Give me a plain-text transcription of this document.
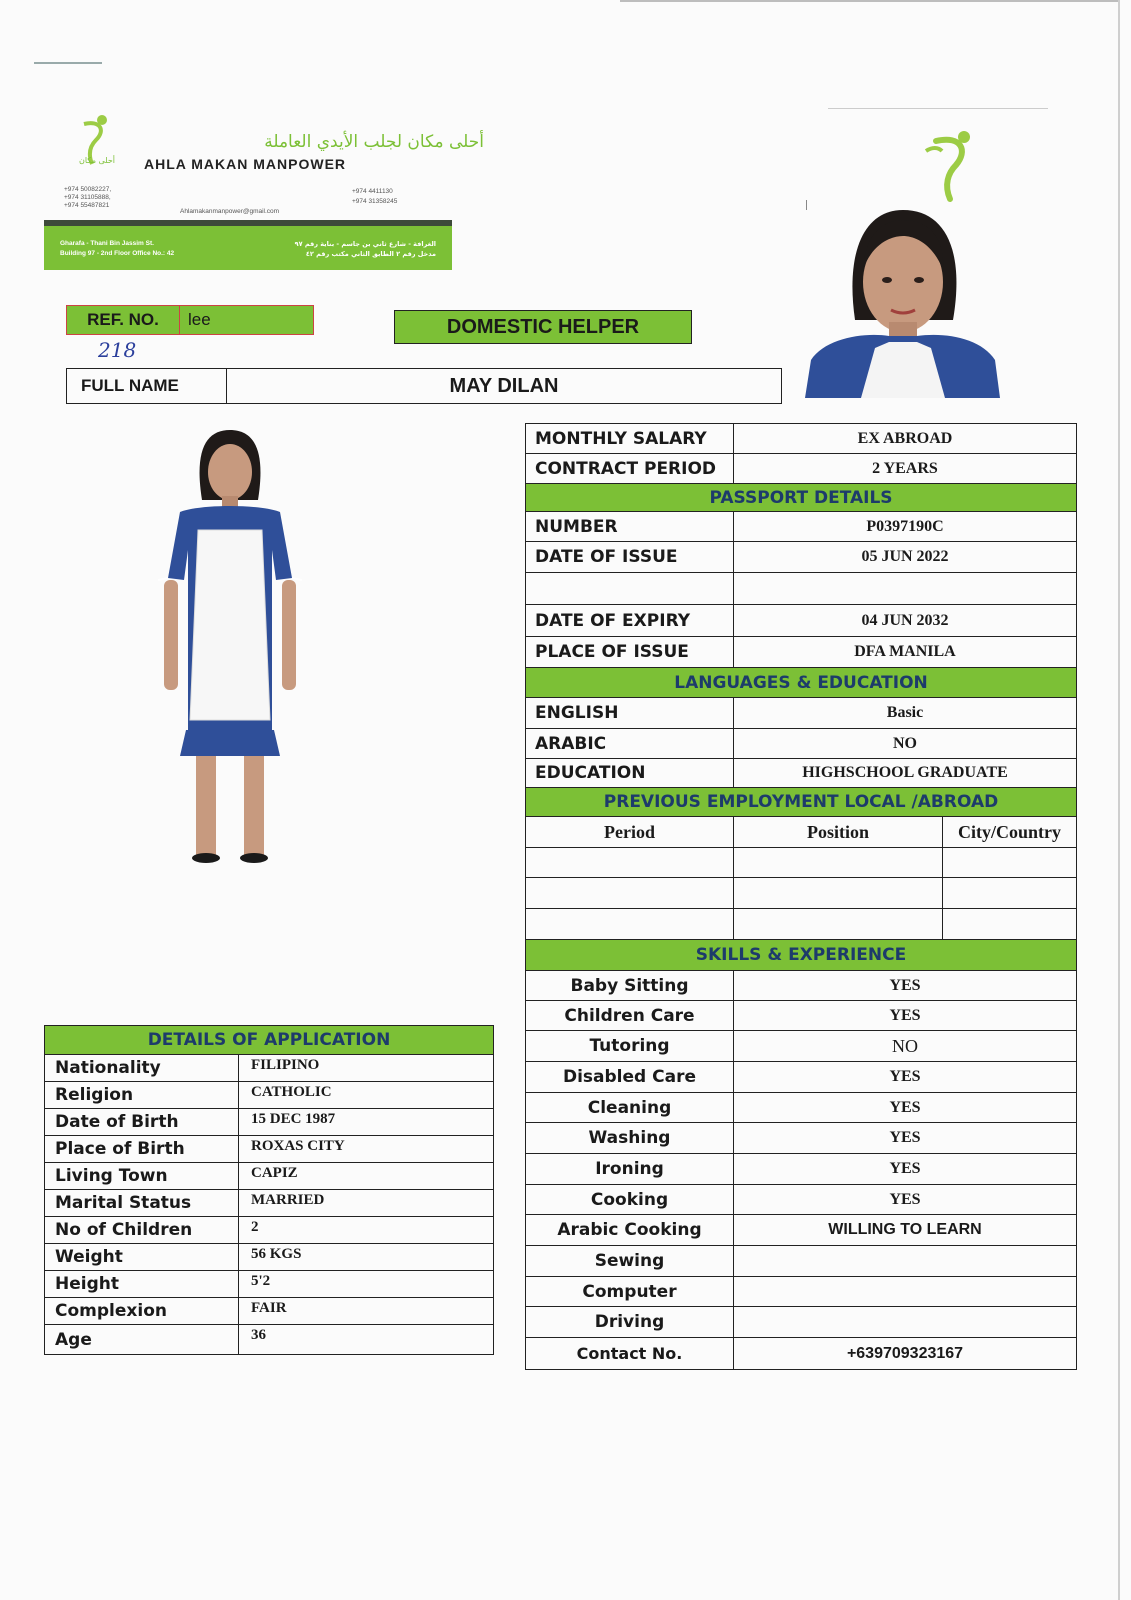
أحلى مكان
أحلى مكان لجلب الأيدي العاملة
AHLA MAKAN MANPOWER
+974 50082227,
+974 31105888,
+974 55487821
+974 4411130
+974 31358245
Ahlamakanmanpower@gmail.com
Gharafa - Thani Bin Jassim St.
Building 97 - 2nd Floor Office No.: 42
الغرافة - شارع ثاني بن جاسم - بناية رقم ٩٧
مدخل رقم ٢ الطابق الثاني مكتب رقم ٤٢
REF. NO.	lee
218
DOMESTIC HELPER
FULL NAME	MAY DILAN
MONTHLY SALARY	EX ABROAD	
CONTRACT PERIOD	2 YEARS	
PASSPORT DETAILS		
NUMBER	P0397190C	
DATE OF ISSUE	05 JUN 2022	

DATE OF EXPIRY	04 JUN 2032	
PLACE OF ISSUE	DFA MANILA	
LANGUAGES & EDUCATION		
ENGLISH	Basic	
ARABIC	NO	
EDUCATION	HIGHSCHOOL GRADUATE	
PREVIOUS EMPLOYMENT LOCAL /ABROAD		
Period	Position	City/Country

SKILLS & EXPERIENCE		
Baby Sitting	YES	
Children Care	YES	
Tutoring	NO	
Disabled Care	YES	
Cleaning	YES	
Washing	YES	
Ironing	YES	
Cooking	YES	
Arabic Cooking	WILLING TO LEARN	
Sewing		
Computer		
Driving		
Contact No.	+639709323167	
DETAILS OF APPLICATION	
Nationality	FILIPINO
Religion	CATHOLIC
Date of Birth	15 DEC 1987
Place of Birth	ROXAS CITY
Living Town	CAPIZ
Marital Status	MARRIED
No of Children	2
Weight	56 KGS
Height	5'2
Complexion	FAIR
Age	36
